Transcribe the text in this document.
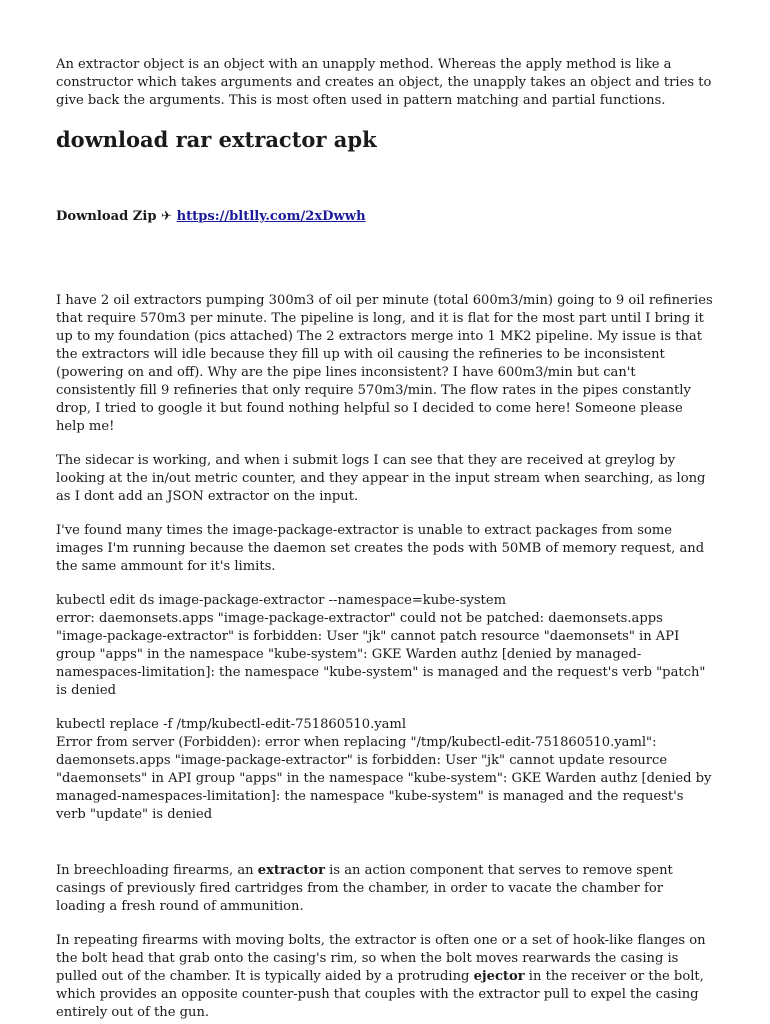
An extractor object is an object with an unapply method. Whereas the apply method is like a constructor which takes arguments and creates an object, the unapply takes an object and tries to give back the arguments. This is most often used in pattern matching and partial functions.

download rar extractor apk
Download Zip ✈ https://bltlly.com/2xDwwh

I have 2 oil extractors pumping 300m3 of oil per minute (total 600m3/min) going to 9 oil refineries that require 570m3 per minute. The pipeline is long, and it is flat for the most part until I bring it up to my foundation (pics attached) The 2 extractors merge into 1 MK2 pipeline. My issue is that the extractors will idle because they fill up with oil causing the refineries to be inconsistent (powering on and off). Why are the pipe lines inconsistent? I have 600m3/min but can't consistently fill 9 refineries that only require 570m3/min. The flow rates in the pipes constantly drop, I tried to google it but found nothing helpful so I decided to come here! Someone please help me!

The sidecar is working, and when i submit logs I can see that they are received at greylog by looking at the in/out metric counter, and they appear in the input stream when searching, as long as I dont add an JSON extractor on the input.

I've found many times the image-package-extractor is unable to extract packages from some images I'm running because the daemon set creates the pods with 50MB of memory request, and the same ammount for it's limits.

kubectl edit ds image-package-extractor --namespace=kube-system

error: daemonsets.apps "image-package-extractor" could not be patched: daemonsets.apps "image-package-extractor" is forbidden: User "jk" cannot patch resource "daemonsets" in API group "apps" in the namespace "kube-system": GKE Warden authz [denied by managed-namespaces-limitation]: the namespace "kube-system" is managed and the request's verb "patch" is denied

kubectl replace -f /tmp/kubectl-edit-751860510.yaml

Error from server (Forbidden): error when replacing "/tmp/kubectl-edit-751860510.yaml": daemonsets.apps "image-package-extractor" is forbidden: User "jk" cannot update resource "daemonsets" in API group "apps" in the namespace "kube-system": GKE Warden authz [denied by managed-namespaces-limitation]: the namespace "kube-system" is managed and the request's verb "update" is denied

In breechloading firearms, an extractor is an action component that serves to remove spent casings of previously fired cartridges from the chamber, in order to vacate the chamber for loading a fresh round of ammunition.

In repeating firearms with moving bolts, the extractor is often one or a set of hook-like flanges on the bolt head that grab onto the casing's rim, so when the bolt moves rearwards the casing is pulled out of the chamber. It is typically aided by a protruding ejector in the receiver or the bolt, which provides an opposite counter-push that couples with the extractor pull to expel the casing entirely out of the gun.
